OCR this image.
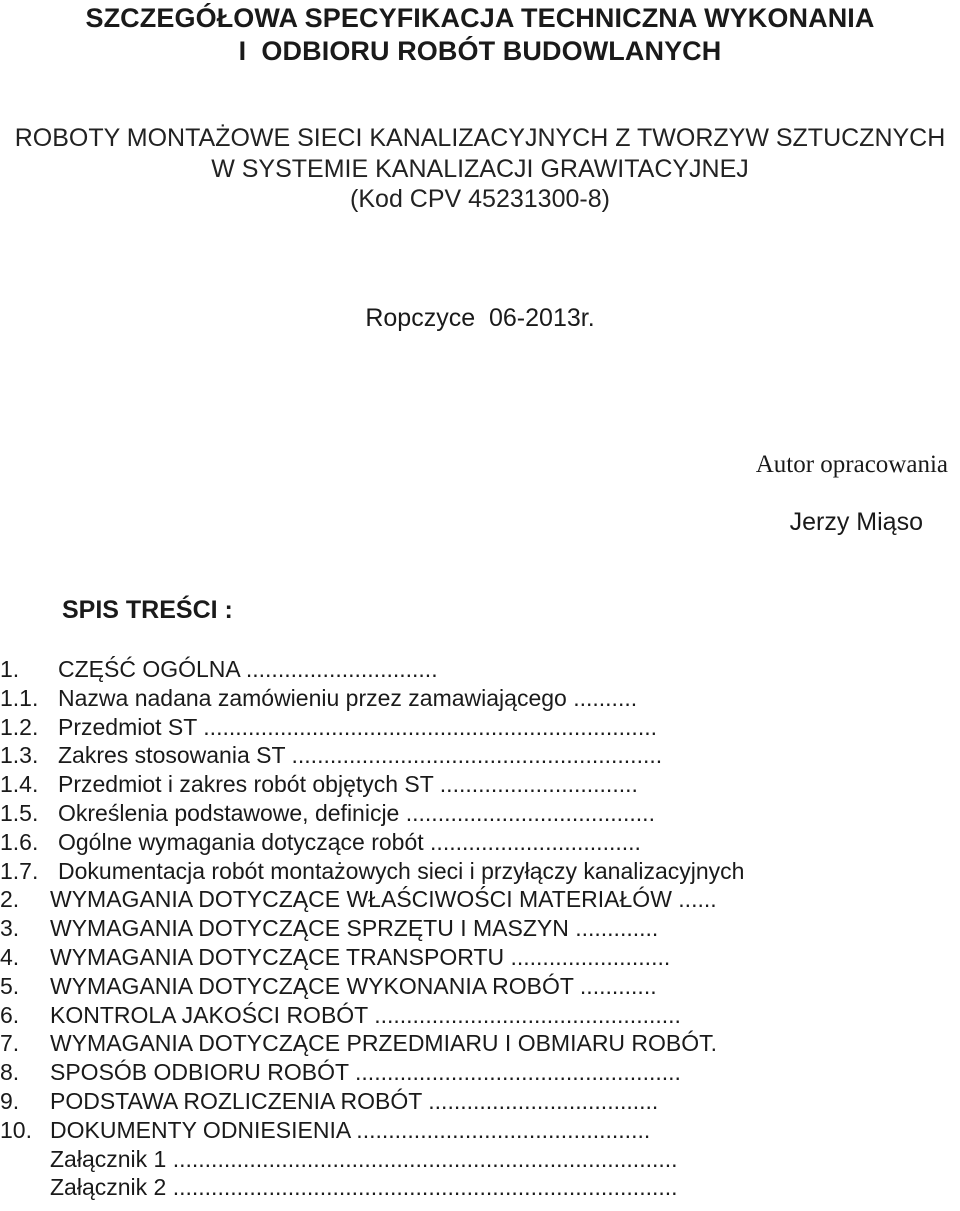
SZCZEGÓŁOWA SPECYFIKACJA TECHNICZNA WYKONANIA
I  ODBIORU ROBÓT BUDOWLANYCH
ROBOTY MONTAŻOWE SIECI KANALIZACYJNYCH Z TWORZYW SZTUCZNYCH
W SYSTEMIE KANALIZACJI GRAWITACYJNEJ
(Kod CPV 45231300-8)
Ropczyce  06-2013r.
Autor opracowania
Jerzy Miąso
SPIS TREŚCI :
1. CZĘŚĆ OGÓLNA ..............................
1.1. Nazwa nadana zamówieniu przez zamawiającego ..........
1.2. Przedmiot ST .......................................................................
1.3. Zakres stosowania ST ..........................................................
1.4. Przedmiot i zakres robót objętych ST ...............................
1.5. Określenia podstawowe, definicje .......................................
1.6. Ogólne wymagania dotyczące robót .................................
1.7. Dokumentacja robót montażowych sieci i przyłączy kanalizacyjnych
2. WYMAGANIA DOTYCZĄCE WŁAŚCIWOŚCI MATERIAŁÓW ......
3. WYMAGANIA DOTYCZĄCE SPRZĘTU I MASZYN .............
4. WYMAGANIA DOTYCZĄCE TRANSPORTU .........................
5. WYMAGANIA DOTYCZĄCE WYKONANIA ROBÓT ............
6. KONTROLA JAKOŚCI ROBÓT ................................................
7. WYMAGANIA DOTYCZĄCE PRZEDMIARU I OBMIARU ROBÓT.
8. SPOSÓB ODBIORU ROBÓT ...................................................
9. PODSTAWA ROZLICZENIA ROBÓT ....................................
10. DOKUMENTY ODNIESIENIA ..............................................
Załącznik 1 ...............................................................................
Załącznik 2 ...............................................................................
